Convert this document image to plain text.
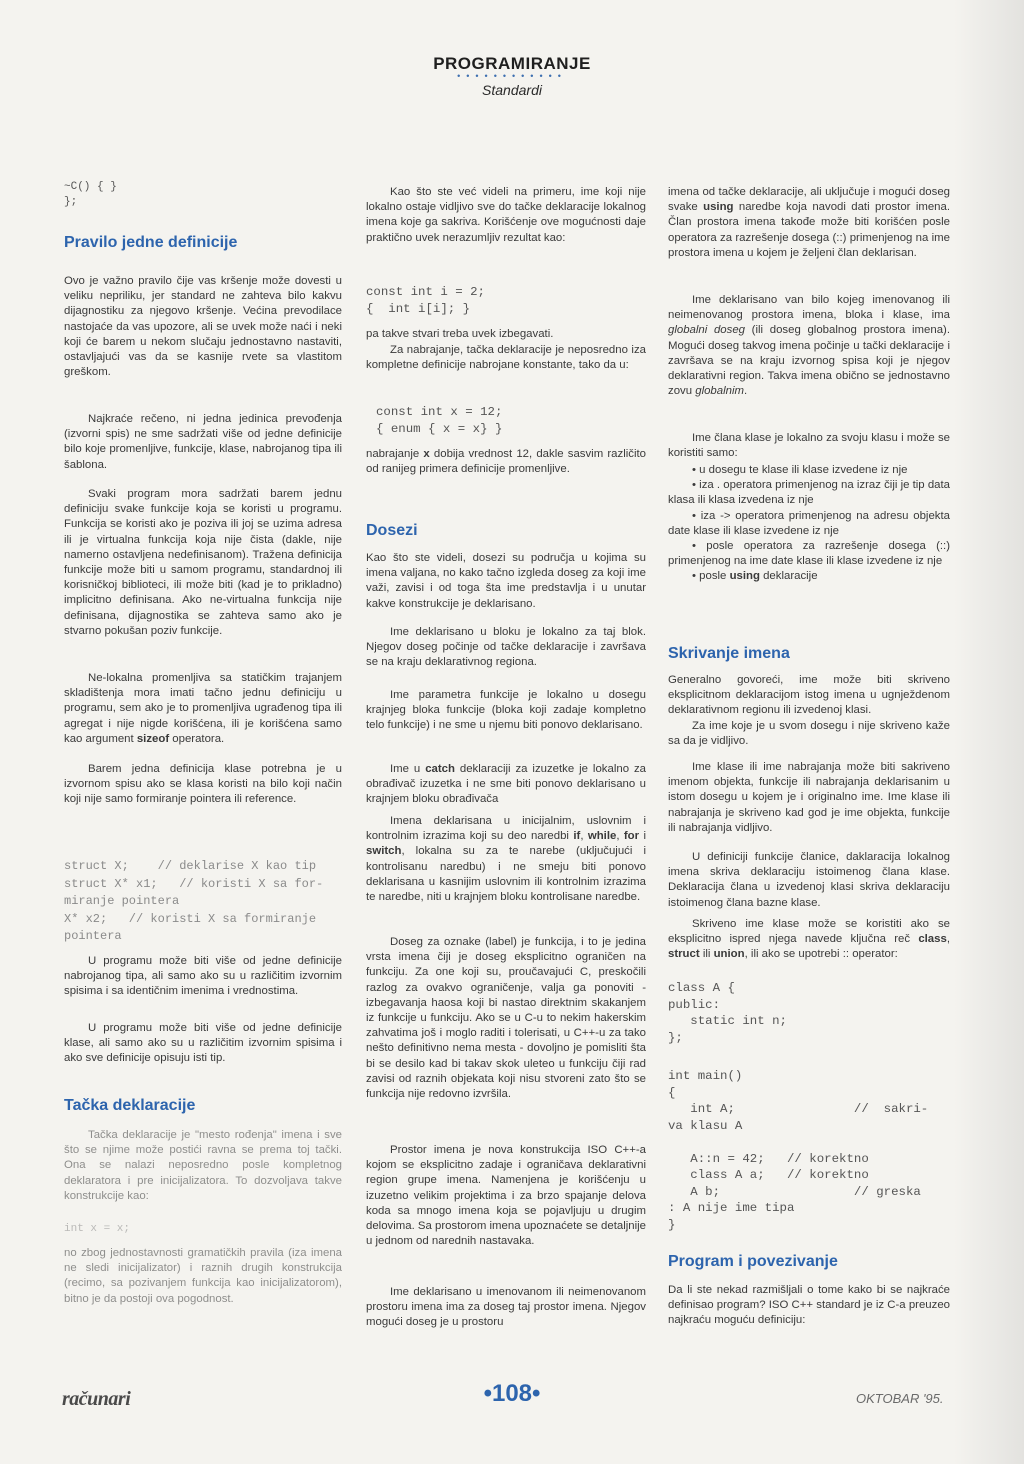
PROGRAMIRANJE
••••••••••••
Standardi
~C() { }
};
Pravilo jedne definicije

Ovo je važno pravilo čije vas kršenje može dovesti u veliku nepriliku, jer standard ne zahteva bilo kakvu dijagnostiku za njegovo kršenje. Većina prevodilace nastojaće da vas upozore, ali se uvek može naći i neki koji će barem u nekom slučaju jednostavno nastaviti, ostavljajući vas da se kasnije rvete sa vlastitom greškom.

Najkraće rečeno, ni jedna jedinica prevođenja (izvorni spis) ne sme sadržati više od jedne definicije bilo koje promenljive, funkcije, klase, nabrojanog tipa ili šablona.

Svaki program mora sadržati barem jednu definiciju svake funkcije koja se koristi u programu. Funkcija se koristi ako je poziva ili joj se uzima adresa ili je virtualna funkcija koja nije čista (dakle, nije namerno ostavljena nedefinisanom). Tražena definicija funkcije može biti u samom programu, standardnoj ili korisničkoj biblioteci, ili može biti (kad je to prikladno) implicitno definisana. Ako ne-virtualna funkcija nije definisana, dijagnostika se zahteva samo ako je stvarno pokušan poziv funkcije.

Ne-lokalna promenljiva sa statičkim trajanjem skladištenja mora imati tačno jednu definiciju u programu, sem ako je to promenljiva ugrađenog tipa ili agregat i nije nigde korišćena, ili je korišćena samo kao argument sizeof operatora.

Barem jedna definicija klase potrebna je u izvornom spisu ako se klasa koristi na bilo koji način koji nije samo formiranje pointera ili reference.

struct X;    // deklarise X kao tip
struct X* x1;   // koristi X sa for-
miranje pointera
X* x2;   // koristi X sa formiranje
pointera

U programu može biti više od jedne definicije nabrojanog tipa, ali samo ako su u različitim izvornim spisima i sa identičnim imenima i vrednostima.

U programu može biti više od jedne definicije klase, ali samo ako su u različitim izvornim spisima i ako sve definicije opisuju isti tip.

Tačka deklaracije

Tačka deklaracije je "mesto rođenja" imena i sve što se njime može postići ravna se prema toj tački. Ona se nalazi neposredno posle kompletnog deklaratora i pre inicijalizatora. To dozvoljava takve konstrukcije kao:

int x = x;

no zbog jednostavnosti gramatičkih pravila (iza imena ne sledi inicijalizator) i raznih drugih konstrukcija (recimo, sa pozivanjem funkcija kao inicijalizatorom), bitno je da postoji ova pogodnost.

Kao što ste već videli na primeru, ime koji nije lokalno ostaje vidljivo sve do tačke deklaracije lokalnog imena koje ga sakriva. Korišćenje ove mogućnosti daje praktično uvek nerazumljiv rezultat kao:

const int i = 2;
{  int i[i]; }

pa takve stvari treba uvek izbegavati.

Za nabrajanje, tačka deklaracije je neposredno iza kompletne definicije nabrojane konstante, tako da u:

const int x = 12;
{ enum { x = x} }

nabrajanje x dobija vrednost 12, dakle sasvim različito od ranijeg primera definicije promenljive.

Dosezi

Kao što ste videli, dosezi su područja u kojima su imena valjana, no kako tačno izgleda doseg za koji ime važi, zavisi i od toga šta ime predstavlja i u unutar kakve konstrukcije je deklarisano.

Ime deklarisano u bloku je lokalno za taj blok. Njegov doseg počinje od tačke deklaracije i završava se na kraju deklarativnog regiona.

Ime parametra funkcije je lokalno u dosegu krajnjeg bloka funkcije (bloka koji zadaje kompletno telo funkcije) i ne sme u njemu biti ponovo deklarisano.

Ime u catch deklaraciji za izuzetke je lokalno za obrađivač izuzetka i ne sme biti ponovo deklarisano u krajnjem bloku obrađivača

Imena deklarisana u inicijalnim, uslovnim i kontrolnim izrazima koji su deo naredbi if, while, for i switch, lokalna su za te narebe (uključujući i kontrolisanu naredbu) i ne smeju biti ponovo deklarisana u kasnijim uslovnim ili kontrolnim izrazima te naredbe, niti u krajnjem bloku kontrolisane naredbe.

Doseg za oznake (label) je funkcija, i to je jedina vrsta imena čiji je doseg eksplicitno ograničen na funkciju. Za one koji su, proučavajući C, preskočili razlog za ovakvo ograničenje, valja ga ponoviti - izbegavanja haosa koji bi nastao direktnim skakanjem iz funkcije u funkciju. Ako se u C-u to nekim hakerskim zahvatima još i moglo raditi i tolerisati, u C++-u za tako nešto definitivno nema mesta - dovoljno je pomisliti šta bi se desilo kad bi takav skok uleteo u funkciju čiji rad zavisi od raznih objekata koji nisu stvoreni zato što se funkcija nije redovno izvršila.

Prostor imena je nova konstrukcija ISO C++-a kojom se eksplicitno zadaje i ograničava deklarativni region grupe imena. Namenjena je korišćenju u izuzetno velikim projektima i za brzo spajanje delova koda sa mnogo imena koja se pojavljuju u drugim delovima. Sa prostorom imena upoznaćete se detaljnije u jednom od narednih nastavaka.

Ime deklarisano u imenovanom ili neimenovanom prostoru imena ima za doseg taj prostor imena. Njegov mogući doseg je u prostoru

imena od tačke deklaracije, ali uključuje i mogući doseg svake using naredbe koja navodi dati prostor imena. Član prostora imena takođe može biti korišćen posle operatora za razrešenje dosega (::) primenjenog na ime prostora imena u kojem je željeni član deklarisan.

Ime deklarisano van bilo kojeg imenovanog ili neimenovanog prostora imena, bloka i klase, ima globalni doseg (ili doseg globalnog prostora imena). Mogući doseg takvog imena počinje u tački deklaracije i završava se na kraju izvornog spisa koji je njegov deklarativni region. Takva imena obično se jednostavno zovu globalnim.

Ime člana klase je lokalno za svoju klasu i može se koristiti samo:

• u dosegu te klase ili klase izvedene iz nje

• iza . operatora primenjenog na izraz čiji je tip data klasa ili klasa izvedena iz nje

• iza -> operatora primenjenog na adresu objekta date klase ili klase izvedene iz nje

• posle operatora za razrešenje dosega (::) primenjenog na ime date klase ili klase izvedene iz nje

• posle using deklaracije

Skrivanje imena

Generalno govoreći, ime može biti skriveno eksplicitnom deklaracijom istog imena u ugnježdenom deklarativnom regionu ili izvedenoj klasi.

Za ime koje je u svom dosegu i nije skriveno kaže sa da je vidljivo.

Ime klase ili ime nabrajanja može biti sakriveno imenom objekta, funkcije ili nabrajanja deklarisanim u istom dosegu u kojem je i originalno ime. Ime klase ili nabrajanja je skriveno kad god je ime objekta, funkcije ili nabrajanja vidljivo.

U definiciji funkcije članice, daklaracija lokalnog imena skriva deklaraciju istoimenog člana klase. Deklaracija člana u izvedenoj klasi skriva deklaraciju istoimenog člana bazne klase.

Skriveno ime klase može se koristiti ako se eksplicitno ispred njega navede ključna reč class, struct ili union, ili ako se upotrebi :: operator:

class A {
public:
static int n;
};
int main()
{
int A;                //  sakri-
va klasu A

A::n = 42;   // korektno
class A a;   // korektno
A b;                  // greska
: A nije ime tipa
}
Program i povezivanje

Da li ste nekad razmišljali o tome kako bi se najkraće definisao program? ISO C++ standard je iz C-a preuzeo najkraću moguću definiciju:

računari	•108•	OKTOBAR '95.
